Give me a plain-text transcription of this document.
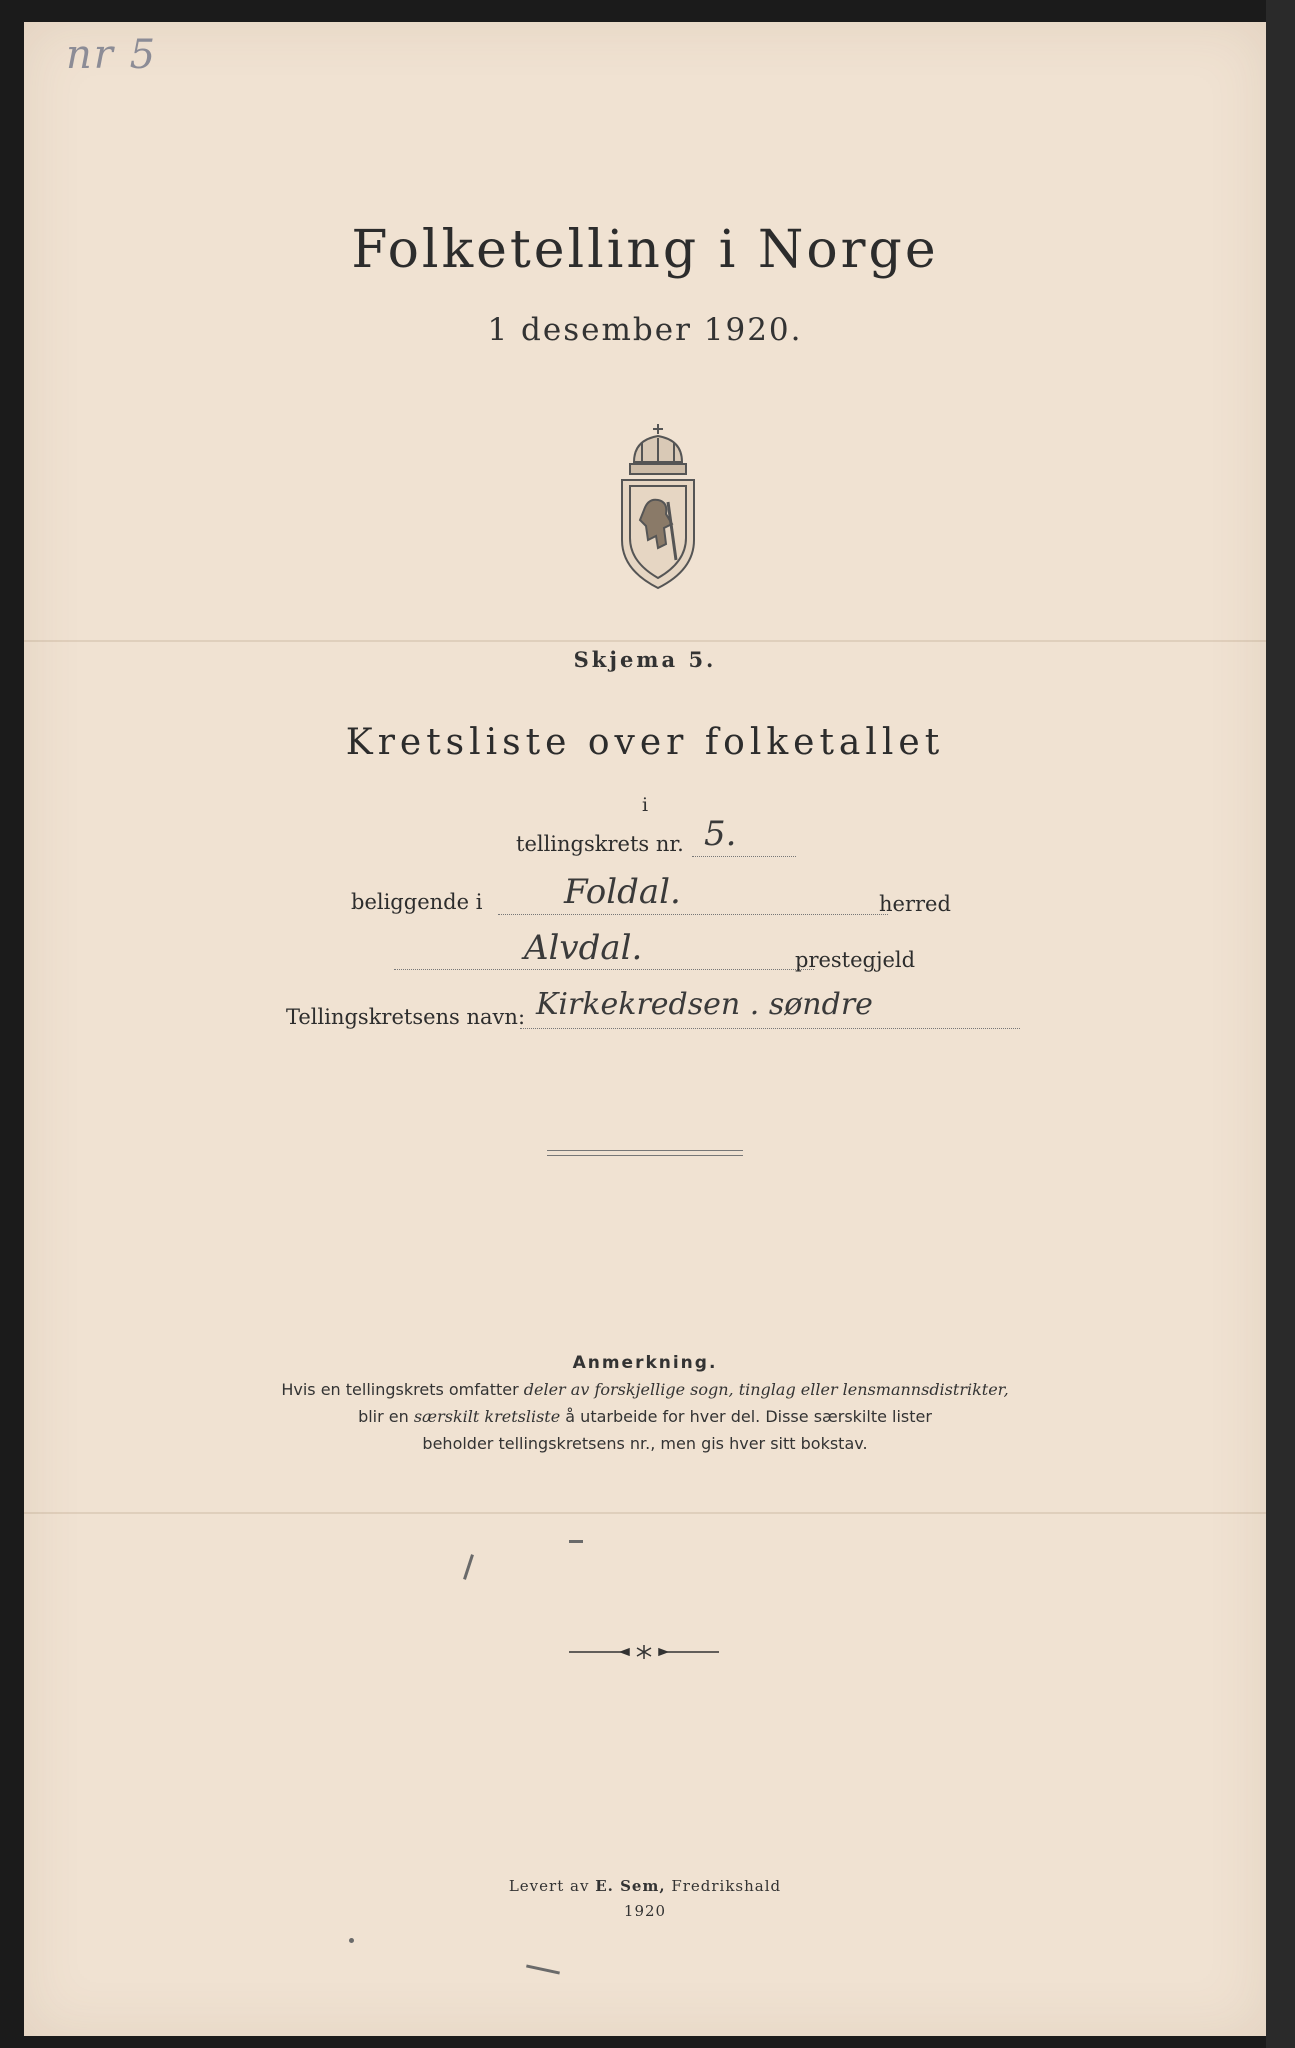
nr 5
Folketelling i Norge
1 desember 1920.
Skjema 5.
Kretsliste over folketallet
i
tellingskrets nr. 5.
beliggende i Foldal.	herred
Alvdal.	prestegjeld
Tellingskretsens navn: Kirkekredsen . søndre
Anmerkning.
Hvis en tellingskrets omfatter deler av forskjellige sogn, tinglag eller lensmannsdistrikter,
blir en særskilt kretsliste å utarbeide for hver del. Disse særskilte lister
beholder tellingskretsens nr., men gis hver sitt bokstav.
Levert av E. Sem, Fredrikshald
1920
